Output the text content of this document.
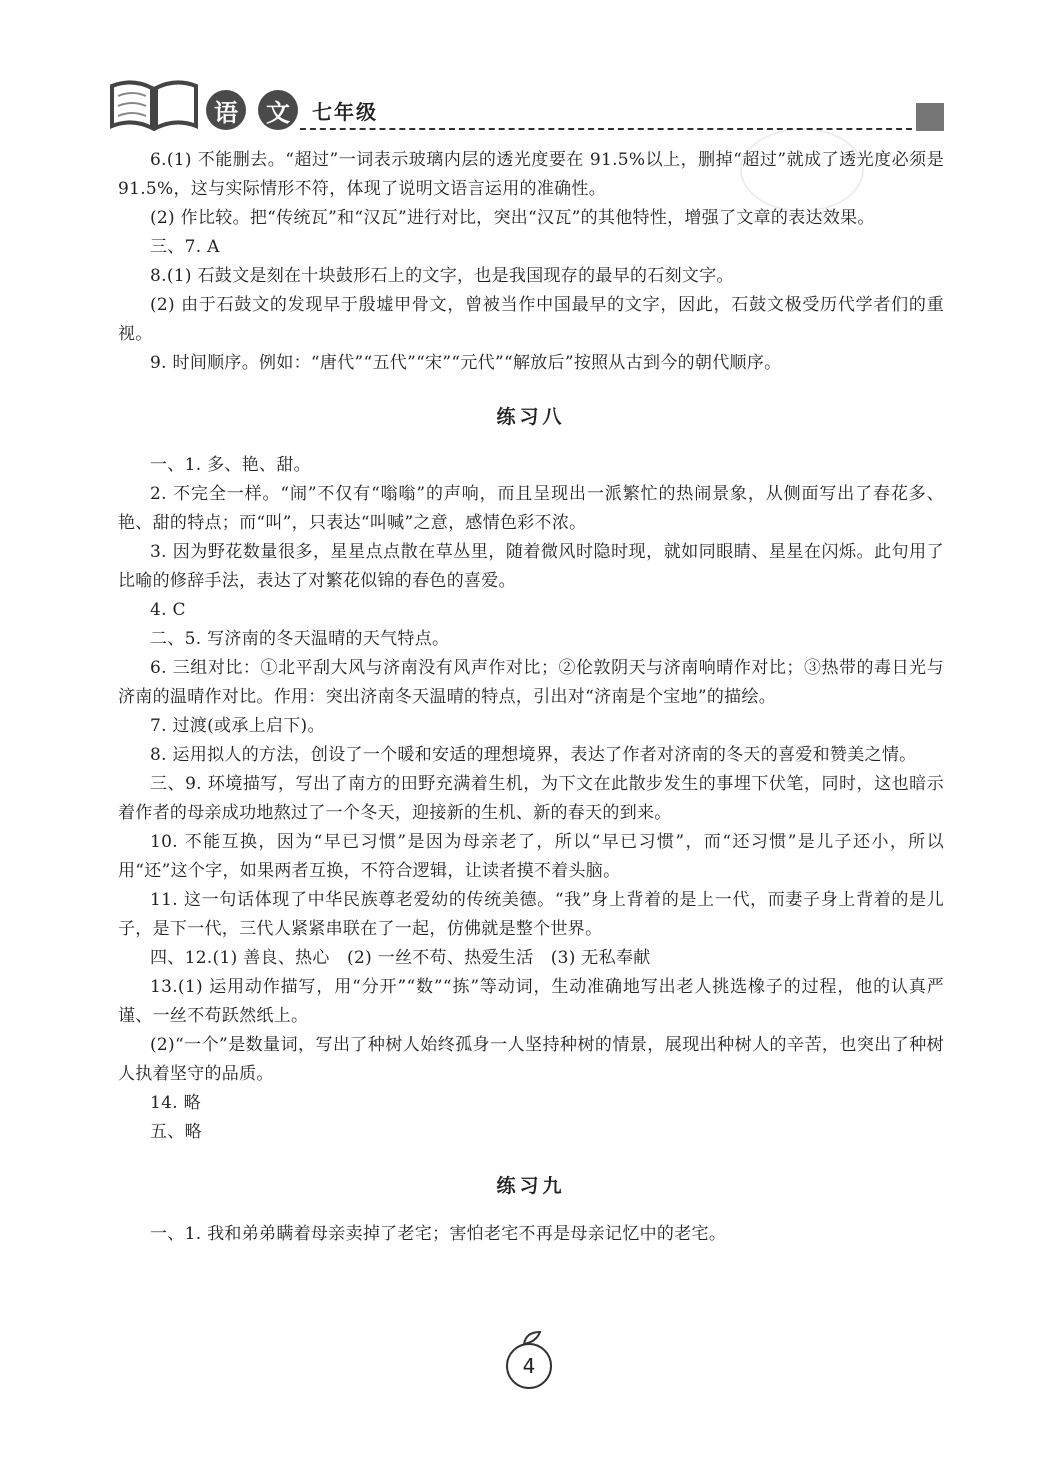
语	文	七年级

6.(1) 不能删去。“超过”一词表示玻璃内层的透光度要在 91.5%以上，删掉“超过”就成了透光度必须是 91.5%，这与实际情形不符，体现了说明文语言运用的准确性。

(2) 作比较。把“传统瓦”和“汉瓦”进行对比，突出“汉瓦”的其他特性，增强了文章的表达效果。

三、7. A

8.(1) 石鼓文是刻在十块鼓形石上的文字，也是我国现存的最早的石刻文字。

(2) 由于石鼓文的发现早于殷墟甲骨文，曾被当作中国最早的文字，因此，石鼓文极受历代学者们的重视。

9. 时间顺序。例如：“唐代”“五代”“宋”“元代”“解放后”按照从古到今的朝代顺序。

练习八

一、1. 多、艳、甜。

2. 不完全一样。“闹”不仅有“嗡嗡”的声响，而且呈现出一派繁忙的热闹景象，从侧面写出了春花多、艳、甜的特点；而“叫”，只表达“叫喊”之意，感情色彩不浓。

3. 因为野花数量很多，星星点点散在草丛里，随着微风时隐时现，就如同眼睛、星星在闪烁。此句用了比喻的修辞手法，表达了对繁花似锦的春色的喜爱。

4. C

二、5. 写济南的冬天温晴的天气特点。

6. 三组对比：①北平刮大风与济南没有风声作对比；②伦敦阴天与济南响晴作对比；③热带的毒日光与济南的温晴作对比。作用：突出济南冬天温晴的特点，引出对“济南是个宝地”的描绘。

7. 过渡(或承上启下)。

8. 运用拟人的方法，创设了一个暖和安适的理想境界，表达了作者对济南的冬天的喜爱和赞美之情。

三、9. 环境描写，写出了南方的田野充满着生机，为下文在此散步发生的事埋下伏笔，同时，这也暗示着作者的母亲成功地熬过了一个冬天，迎接新的生机、新的春天的到来。

10. 不能互换，因为“早已习惯”是因为母亲老了，所以“早已习惯”，而“还习惯”是儿子还小，所以用“还”这个字，如果两者互换，不符合逻辑，让读者摸不着头脑。

11. 这一句话体现了中华民族尊老爱幼的传统美德。“我”身上背着的是上一代，而妻子身上背着的是儿子，是下一代，三代人紧紧串联在了一起，仿佛就是整个世界。

四、12.(1) 善良、热心　(2) 一丝不苟、热爱生活　(3) 无私奉献

13.(1) 运用动作描写，用“分开”“数”“拣”等动词，生动准确地写出老人挑选橡子的过程，他的认真严谨、一丝不苟跃然纸上。

(2)“一个”是数量词，写出了种树人始终孤身一人坚持种树的情景，展现出种树人的辛苦，也突出了种树人执着坚守的品质。

14. 略

五、略

练习九

一、1. 我和弟弟瞒着母亲卖掉了老宅；害怕老宅不再是母亲记忆中的老宅。

4
